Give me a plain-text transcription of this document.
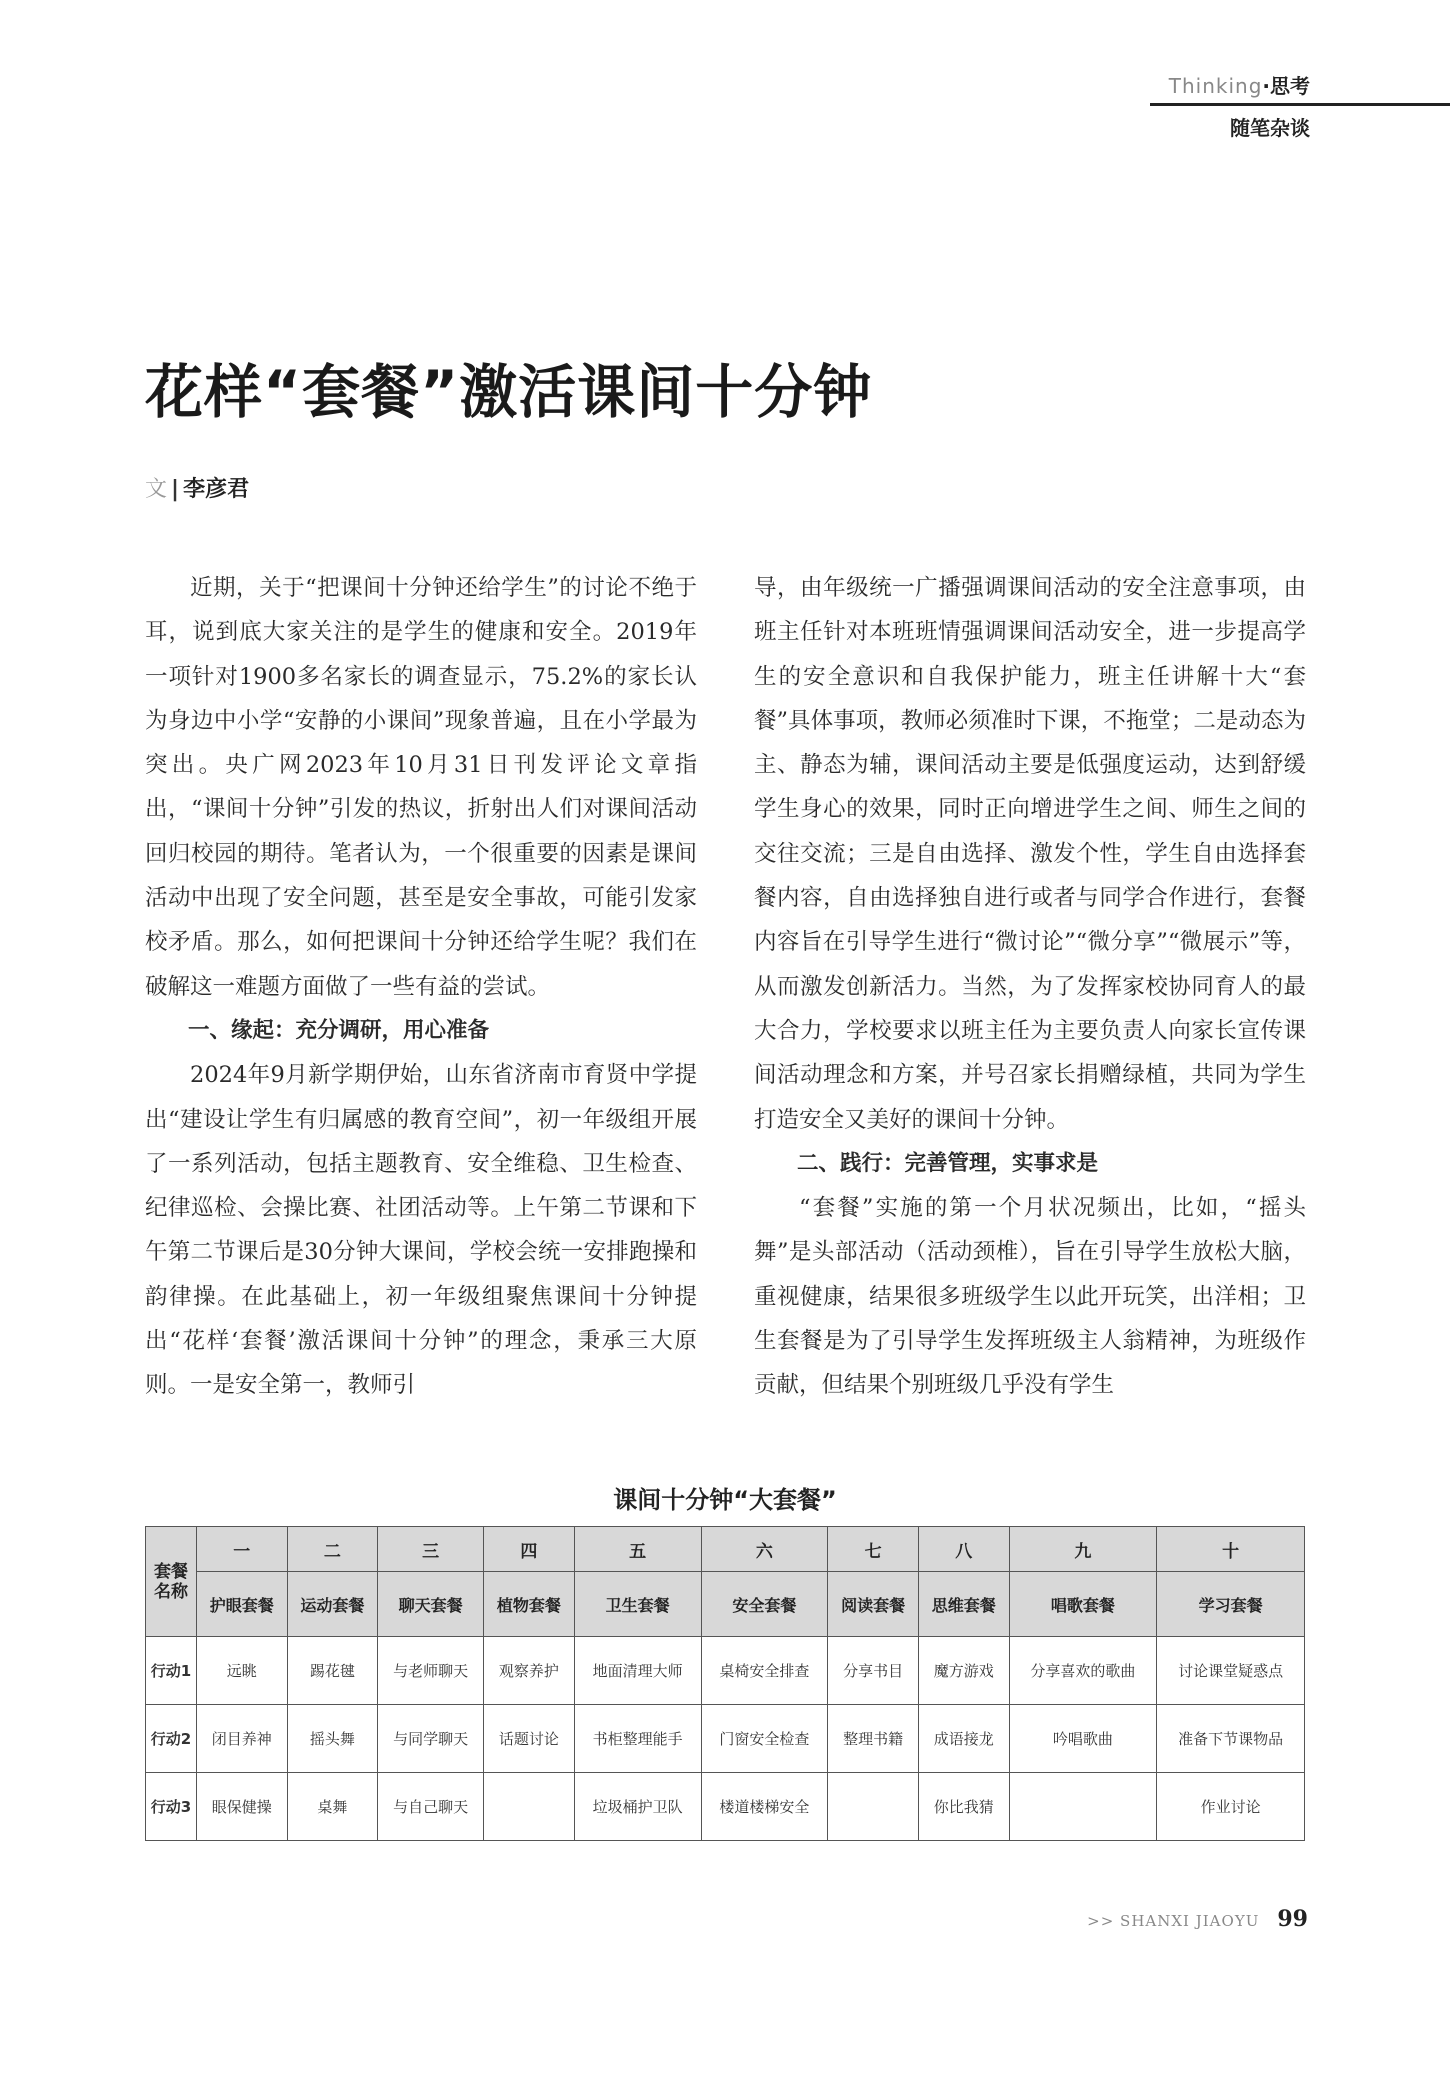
Thinking·思考
随笔杂谈
花样“套餐”激活课间十分钟
文 | 李彦君

近期，关于“把课间十分钟还给学生”的讨论不绝于耳，说到底大家关注的是学生的健康和安全。2019年一项针对1900多名家长的调查显示，75.2%的家长认为身边中小学“安静的小课间”现象普遍，且在小学最为突出。央广网2023年10月31日刊发评论文章指出，“课间十分钟”引发的热议，折射出人们对课间活动回归校园的期待。笔者认为，一个很重要的因素是课间活动中出现了安全问题，甚至是安全事故，可能引发家校矛盾。那么，如何把课间十分钟还给学生呢？我们在破解这一难题方面做了一些有益的尝试。

一、缘起：充分调研，用心准备

2024年9月新学期伊始，山东省济南市育贤中学提出“建设让学生有归属感的教育空间”，初一年级组开展了一系列活动，包括主题教育、安全维稳、卫生检查、纪律巡检、会操比赛、社团活动等。上午第二节课和下午第二节课后是30分钟大课间，学校会统一安排跑操和韵律操。在此基础上，初一年级组聚焦课间十分钟提出“花样‘套餐’激活课间十分钟”的理念，秉承三大原则。一是安全第一，教师引

导，由年级统一广播强调课间活动的安全注意事项，由班主任针对本班班情强调课间活动安全，进一步提高学生的安全意识和自我保护能力，班主任讲解十大“套餐”具体事项，教师必须准时下课，不拖堂；二是动态为主、静态为辅，课间活动主要是低强度运动，达到舒缓学生身心的效果，同时正向增进学生之间、师生之间的交往交流；三是自由选择、激发个性，学生自由选择套餐内容，自由选择独自进行或者与同学合作进行，套餐内容旨在引导学生进行“微讨论”“微分享”“微展示”等，从而激发创新活力。当然，为了发挥家校协同育人的最大合力，学校要求以班主任为主要负责人向家长宣传课间活动理念和方案，并号召家长捐赠绿植，共同为学生打造安全又美好的课间十分钟。

二、践行：完善管理，实事求是

“套餐”实施的第一个月状况频出，比如，“摇头舞”是头部活动（活动颈椎），旨在引导学生放松大脑，重视健康，结果很多班级学生以此开玩笑，出洋相；卫生套餐是为了引导学生发挥班级主人翁精神，为班级作贡献，但结果个别班级几乎没有学生

课间十分钟“大套餐”
套餐
名称	一	二	三	四	五	六	七	八	九	十
	护眼套餐	运动套餐	聊天套餐	植物套餐	卫生套餐	安全套餐	阅读套餐	思维套餐	唱歌套餐	学习套餐
行动1	远眺	踢花毽	与老师聊天	观察养护	地面清理大师	桌椅安全排查	分享书目	魔方游戏	分享喜欢的歌曲	讨论课堂疑惑点
行动2	闭目养神	摇头舞	与同学聊天	话题讨论	书柜整理能手	门窗安全检查	整理书籍	成语接龙	吟唱歌曲	准备下节课物品
行动3	眼保健操	桌舞	与自己聊天		垃圾桶护卫队	楼道楼梯安全		你比我猜		作业讨论
>> SHANXI JIAOYU 99
